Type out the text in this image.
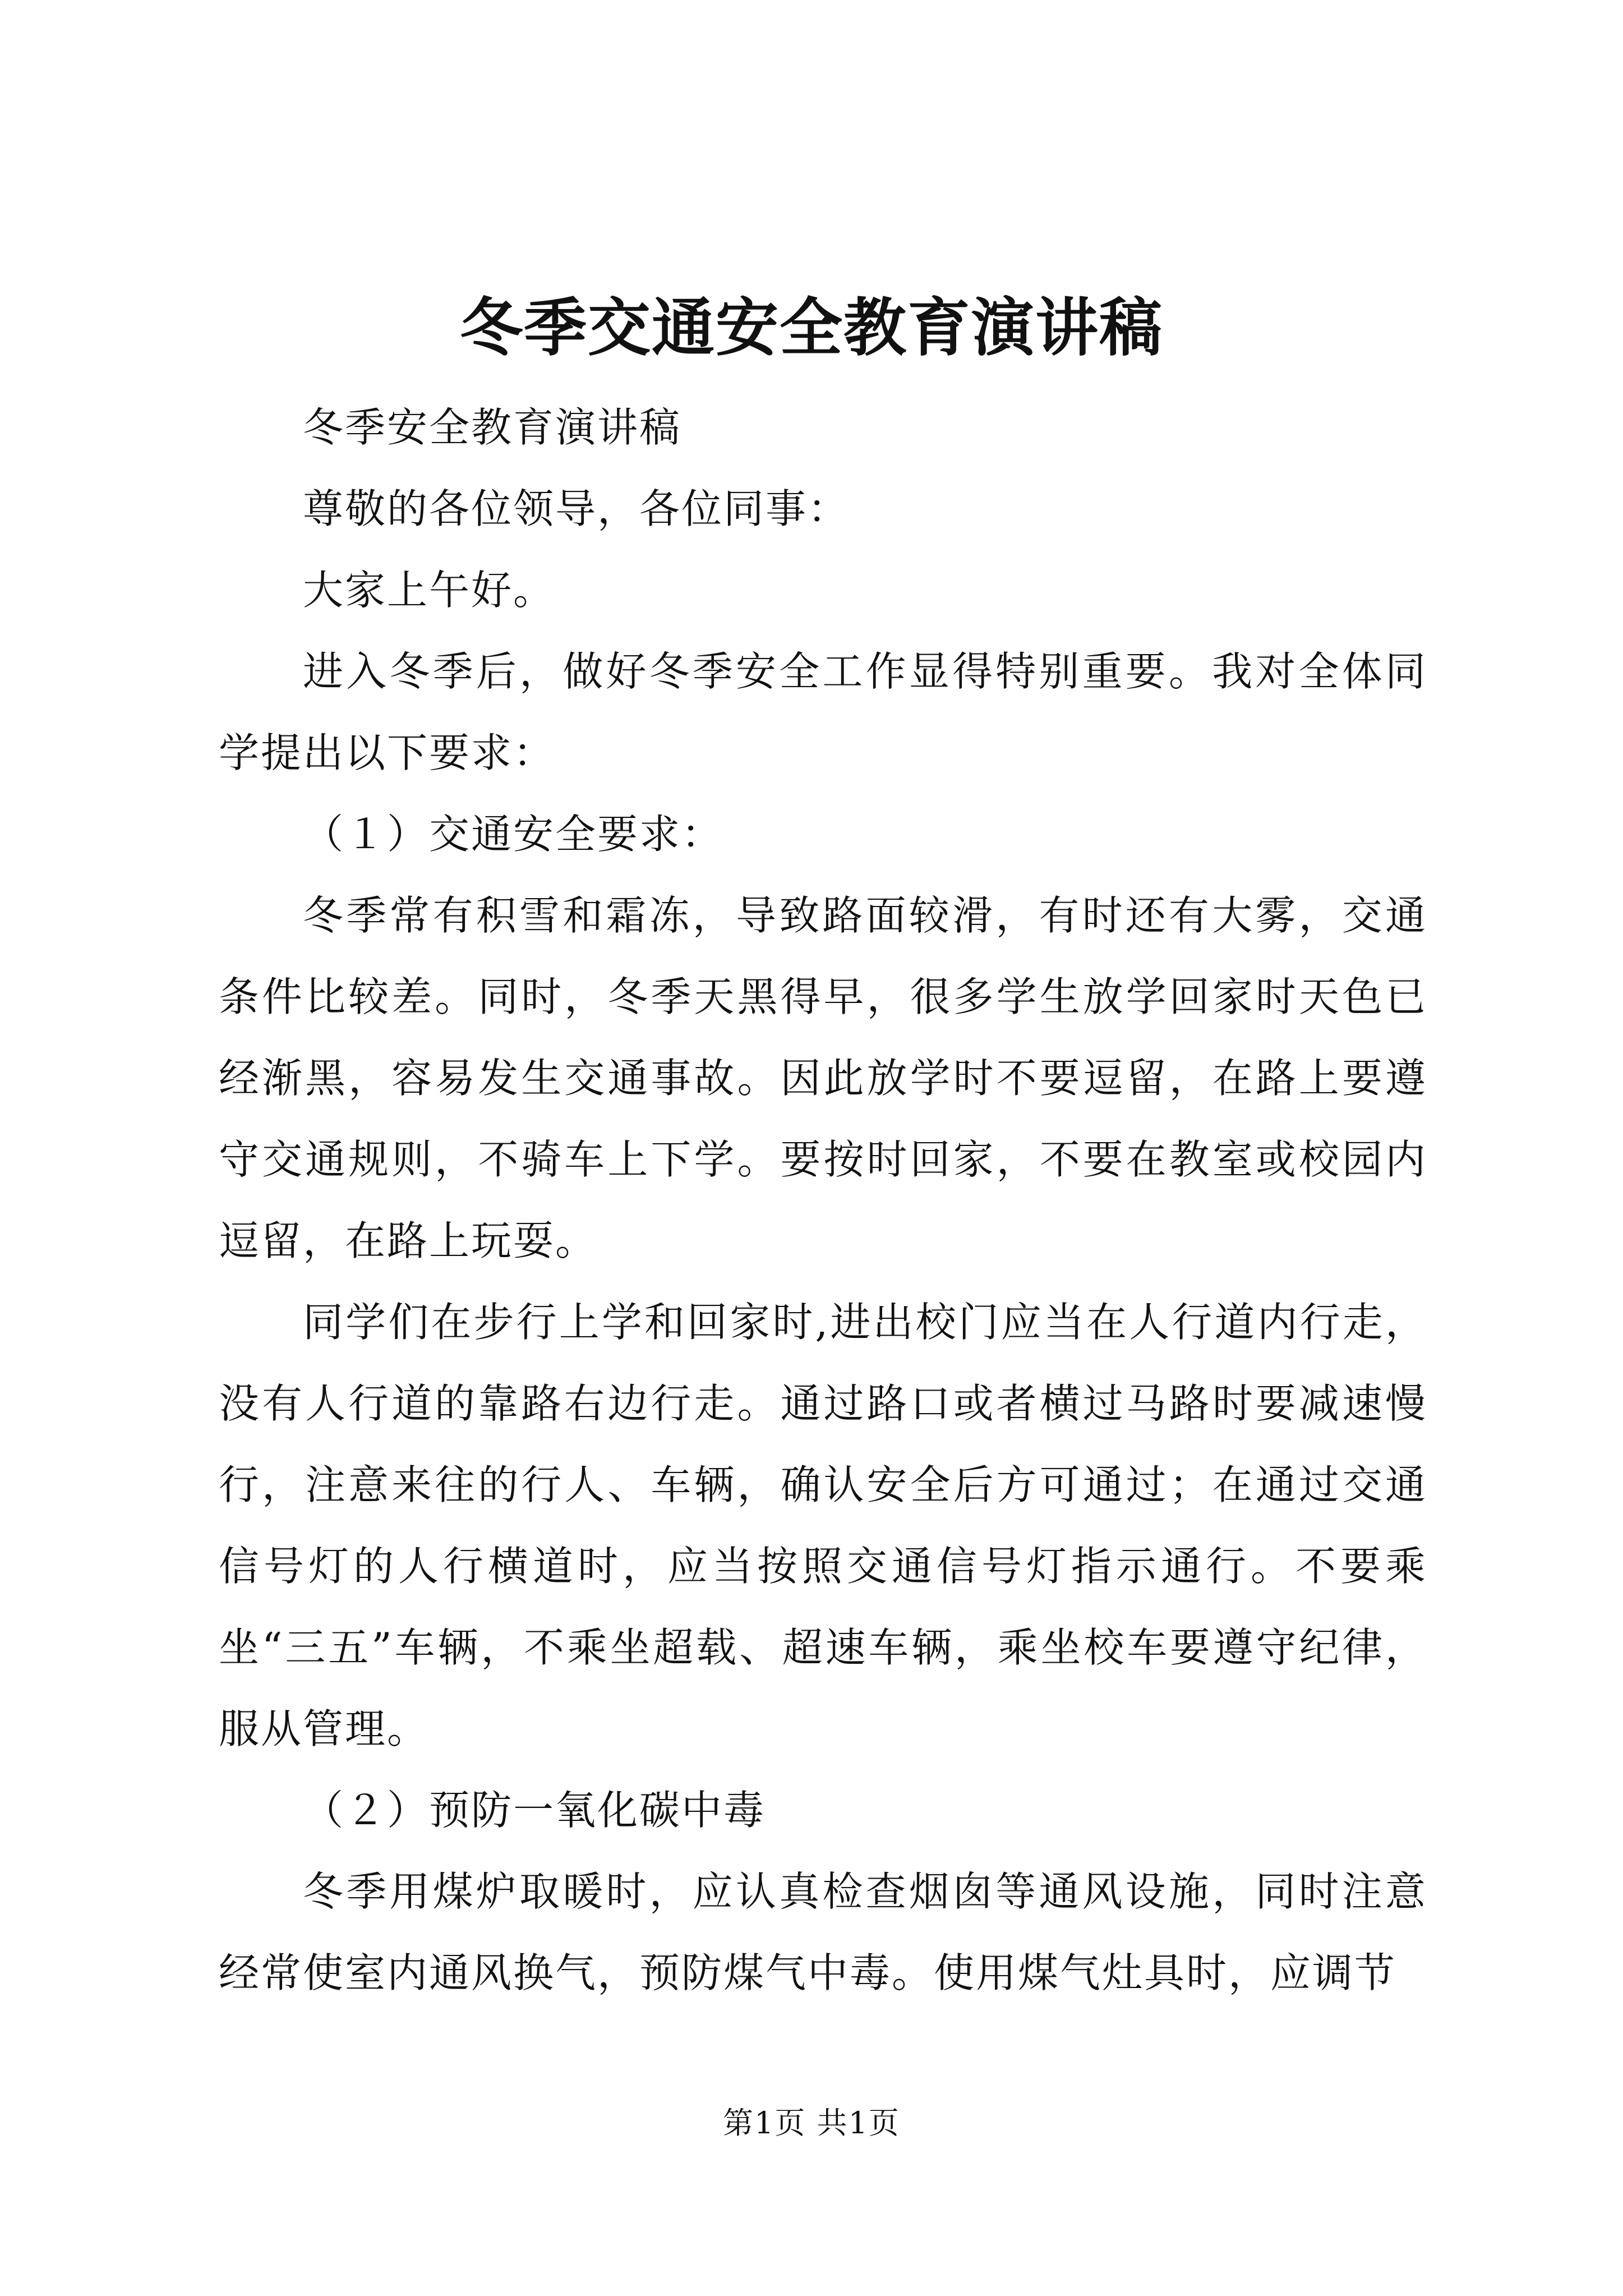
冬季交通安全教育演讲稿

冬季安全教育演讲稿

尊敬的各位领导，各位同事：

大家上午好。

进入冬季后，做好冬季安全工作显得特别重要。我对全体同学提出以下要求：

（１）交通安全要求：

冬季常有积雪和霜冻，导致路面较滑，有时还有大雾，交通条件比较差。同时，冬季天黑得早，很多学生放学回家时天色已经渐黑，容易发生交通事故。因此放学时不要逗留，在路上要遵守交通规则，不骑车上下学。要按时回家，不要在教室或校园内逗留，在路上玩耍。

同学们在步行上学和回家时,进出校门应当在人行道内行走，没有人行道的靠路右边行走。通过路口或者横过马路时要减速慢行，注意来往的行人、车辆，确认安全后方可通过；在通过交通信号灯的人行横道时，应当按照交通信号灯指示通行。不要乘坐“三五”车辆，不乘坐超载、超速车辆，乘坐校车要遵守纪律，服从管理。

（２）预防一氧化碳中毒

冬季用煤炉取暖时，应认真检查烟囱等通风设施，同时注意经常使室内通风换气，预防煤气中毒。使用煤气灶具时，应调节

第1页 共1页
